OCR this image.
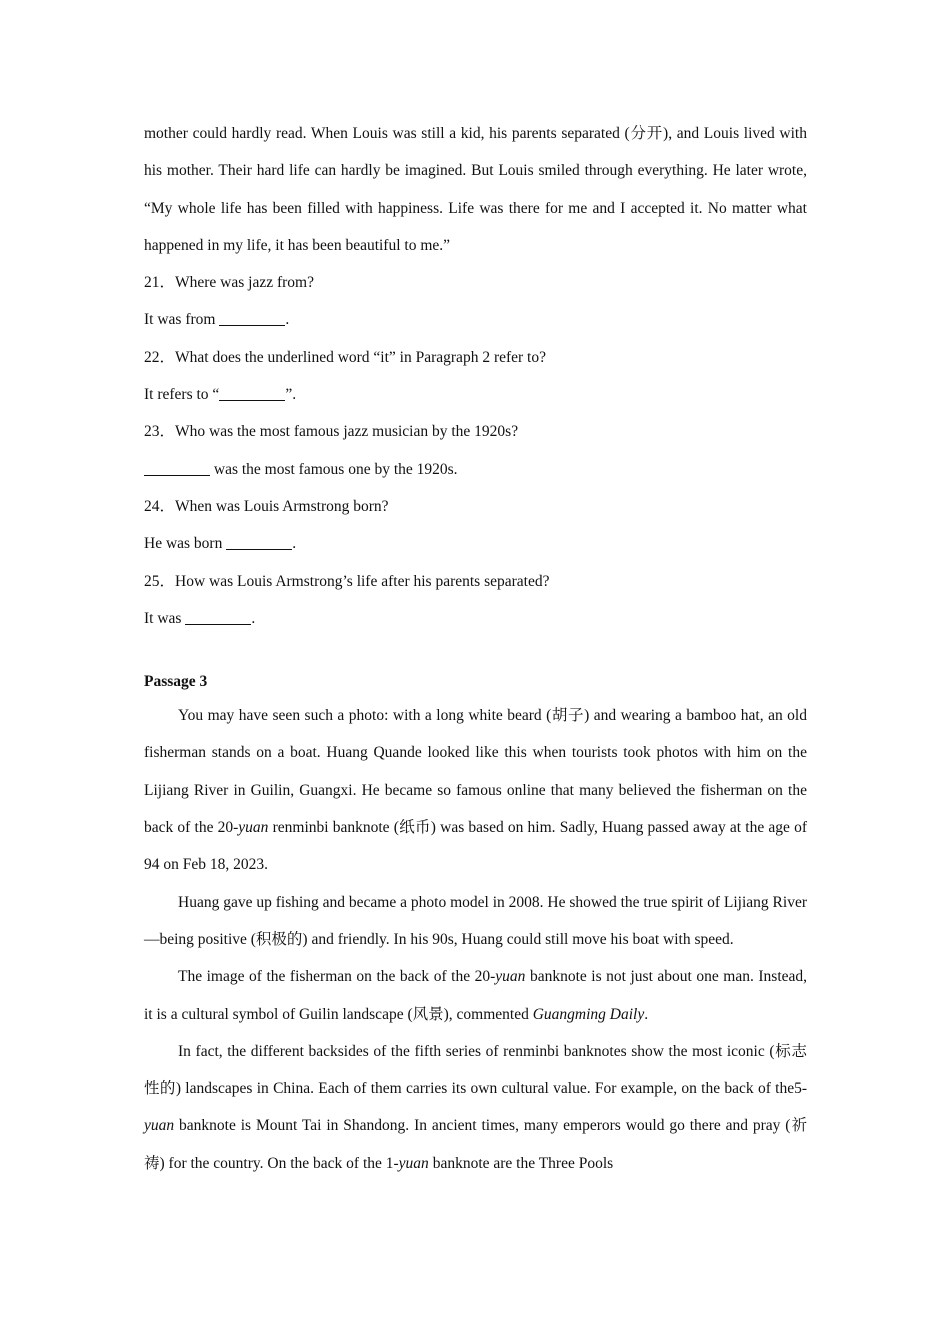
mother could hardly read. When Louis was still a kid, his parents separated (分开), and Louis lived with his mother. Their hard life can hardly be imagined. But Louis smiled through everything. He later wrote, “My whole life has been filled with happiness. Life was there for me and I accepted it. No matter what happened in my life, it has been beautiful to me.”

21．Where was jazz from?

It was from	.

22．What does the underlined word “it” in Paragraph 2 refer to?

It refers to “	”.

23．Who was the most famous jazz musician by the 1920s?

was the most famous one by the 1920s.

24．When was Louis Armstrong born?

He was born	.

25．How was Louis Armstrong’s life after his parents separated?

It was	.

Passage 3

You may have seen such a photo: with a long white beard (胡子) and wearing a bamboo hat, an old fisherman stands on a boat. Huang Quande looked like this when tourists took photos with him on the Lijiang River in Guilin, Guangxi. He became so famous online that many believed the fisherman on the back of the 20-yuan renminbi banknote (纸币) was based on him. Sadly, Huang passed away at the age of 94 on Feb 18, 2023.

Huang gave up fishing and became a photo model in 2008. He showed the true spirit of Lijiang River—being positive (积极的) and friendly. In his 90s, Huang could still move his boat with speed.

The image of the fisherman on the back of the 20-yuan banknote is not just about one man. Instead, it is a cultural symbol of Guilin landscape (风景), commented Guangming Daily.

In fact, the different backsides of the fifth series of renminbi banknotes show the most iconic (标志性的) landscapes in China. Each of them carries its own cultural value. For example, on the back of the5-yuan banknote is Mount Tai in Shandong. In ancient times, many emperors would go there and pray (祈祷) for the country. On the back of the 1-yuan banknote are the Three Pools
